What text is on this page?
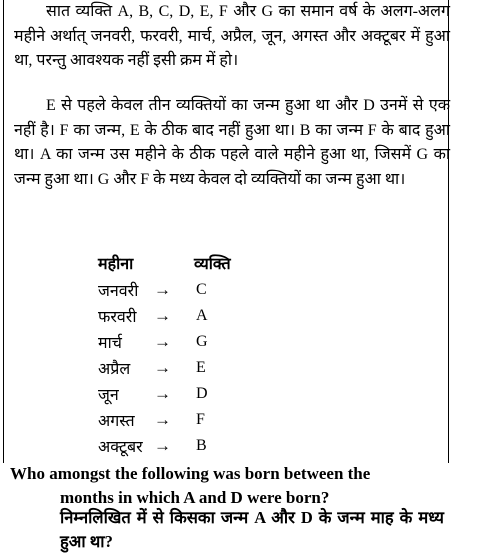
सात व्यक्ति A, B, C, D, E, F और G का समान वर्ष के अलग-अलग महीने अर्थात् जनवरी, फरवरी, मार्च, अप्रैल, जून, अगस्त और अक्टूबर में हुआ था, परन्तु आवश्यक नहीं इसी क्रम में हो।

E से पहले केवल तीन व्यक्तियों का जन्म हुआ था और D उनमें से एक नहीं है। F का जन्म, E के ठीक बाद नहीं हुआ था। B का जन्म F के बाद हुआ था। A का जन्म उस महीने के ठीक पहले वाले महीने हुआ था, जिसमें G का जन्म हुआ था। G और F के मध्य केवल दो व्यक्तियों का जन्म हुआ था।

महीना	व्यक्ति
जनवरी →	C
फरवरी	→	A
मार्च	→	G
अप्रैल	→	E
जून	→	D
अगस्त	→	F
अक्टूबर →	B

Who amongst the following was born between the
months in which A and D were born?

निम्नलिखित में से किसका जन्म A और D के जन्म माह के मध्य हुआ था?
